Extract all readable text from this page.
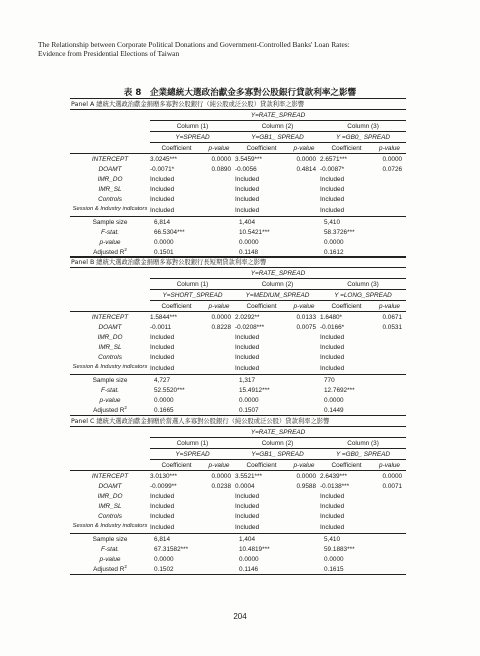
The Relationship between Corporate Political Donations and Government-Controlled Banks' Loan Rates:
Evidence from Presidential Elections of Taiwan
表 8　企業總統大選政治獻金多寡對公股銀行貸款利率之影響
Panel A 總統大選政治獻金捐贈多寡對公股銀行（純公股或泛公股）貸款利率之影響						
	Y=RATE_SPREAD					
	Column (1)		Column (2)		Column (3)	
	Y=SPREAD		Y=GB1_ SPREAD		Y =GB0_ SPREAD	
	Coefficient	p-value	Coefficient	p-value	Coefficient	p-value
INTERCEPT	3.0245***	0.0000	3.5459***	0.0000	2.6571***	0.0000
DOAMT	-0.0071*	0.0890	-0.0056	0.4814	-0.0087*	0.0726
IMR_DO	Included		Included		Included	
IMR_SL	Included		Included		Included	
Controls	Included		Included		Included	
Session & Industry indicators	Included		Included		Included	
Sample size	6,814		1,404		5,410	
F-stat.	66.5304***		10.5421***		58.3726***	
p-value	0.0000		0.0000		0.0000	
Adjusted $R^2$	0.1501		0.1148		0.1612	
Panel B 總統大選政治獻金捐贈多寡對公股銀行長短期貸款利率之影響						
	Y=RATE_SPREAD					
	Column (1)		Column (2)		Column (3)	
	Y=SHORT_SPREAD		Y=MEDIUM_SPREAD		Y =LONG_SPREAD	
	Coefficient	p-value	Coefficient	p-value	Coefficient	p-value
INTERCEPT	1.5844***	0.0000	2.0292**	0.0133	1.6480*	0.0671
DOAMT	-0.0011	0.8228	-0.0208***	0.0075	-0.0166*	0.0531
IMR_DO	Included		Included		Included	
IMR_SL	Included		Included		Included	
Controls	Included		Included		Included	
Session & Industry indicators	Included		Included		Included	
Sample size	4,727		1,317		770	
F-stat.	52.5520***		15.4912***		12.7692***	
p-value	0.0000		0.0000		0.0000	
Adjusted $R^2$	0.1665		0.1507		0.1449	
Panel C 總統大選政治獻金捐贈於當選人多寡對公股銀行（純公股或泛公股）貸款利率之影響						
	Y=RATE_SPREAD					
	Column (1)		Column (2)		Column (3)	
	Y=SPREAD		Y=GB1_ SPREAD		Y =GB0_ SPREAD	
	Coefficient	p-value	Coefficient	p-value	Coefficient	p-value
INTERCEPT	3.0130***	0.0000	3.5521***	0.0000	2.6439***	0.0000
DOAMT	-0.0099**	0.0238	0.0004	0.9588	-0.0138***	0.0071
IMR_DO	Included		Included		Included	
IMR_SL	Included		Included		Included	
Controls	Included		Included		Included	
Session & Industry indicators	Included		Included		Included	
Sample size	6,814		1,404		5,410	
F-stat.	67.31582***		10.4819***		59.1883***	
p-value	0.0000		0.0000		0.0000	
Adjusted $R^2$	0.1502		0.1146		0.1615	
204
